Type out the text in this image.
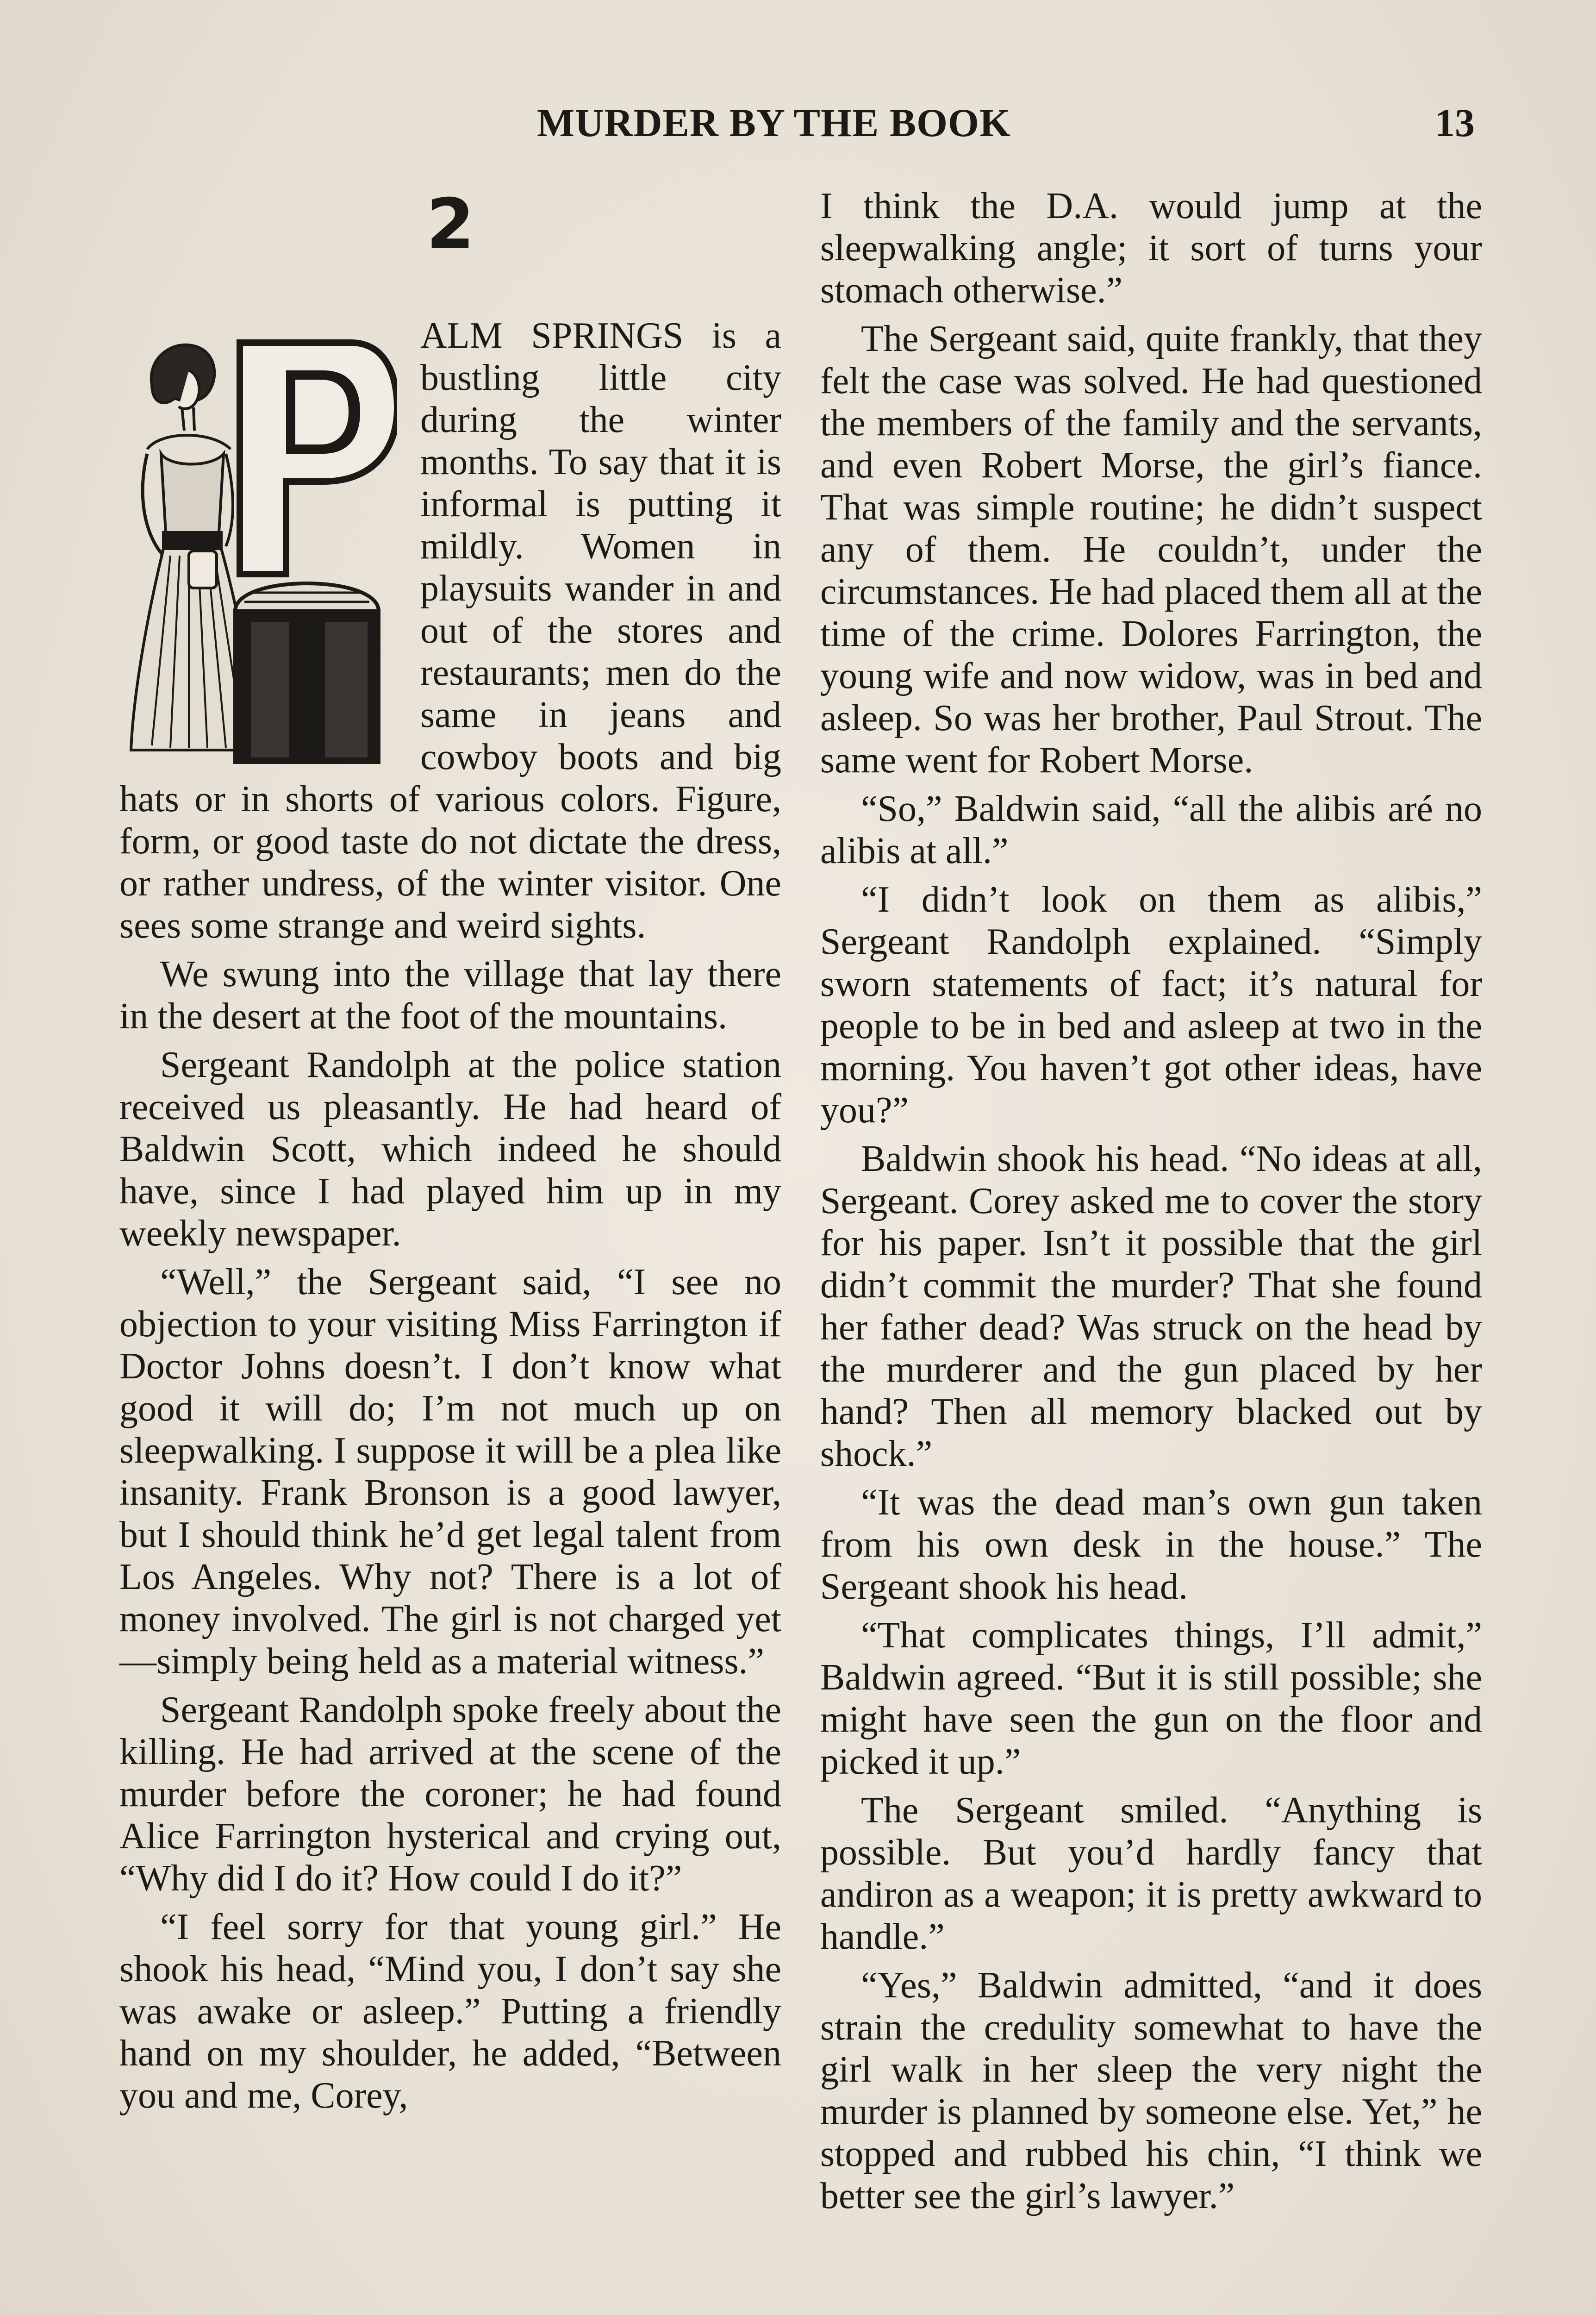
MURDER BY THE BOOK	13
2

ALM SPRINGS is a bustling little city during the winter months. To say that it is informal is putting it mildly. Women in playsuits wander in and out of the stores and restaurants; men do the same in jeans and cowboy boots and big hats or in shorts of various colors. Figure, form, or good taste do not dictate the dress, or rather undress, of the winter visitor. One sees some strange and weird sights.

We swung into the village that lay there in the desert at the foot of the mountains.

Sergeant Randolph at the police station received us pleasantly. He had heard of Baldwin Scott, which indeed he should have, since I had played him up in my weekly newspaper.

“Well,” the Sergeant said, “I see no objection to your visiting Miss Farrington if Doctor Johns doesn’t. I don’t know what good it will do; I’m not much up on sleepwalking. I suppose it will be a plea like insanity. Frank Bronson is a good lawyer, but I should think he’d get legal talent from Los Angeles. Why not? There is a lot of money involved. The girl is not charged yet—simply being held as a material witness.”

Sergeant Randolph spoke freely about the killing. He had arrived at the scene of the murder before the coroner; he had found Alice Farrington hysterical and crying out, “Why did I do it? How could I do it?”

“I feel sorry for that young girl.” He shook his head, “Mind you, I don’t say she was awake or asleep.” Putting a friendly hand on my shoulder, he added, “Between you and me, Corey,

I think the D.A. would jump at the sleepwalking angle; it sort of turns your stomach otherwise.”

The Sergeant said, quite frankly, that they felt the case was solved. He had questioned the members of the family and the servants, and even Robert Morse, the girl’s fiance. That was simple routine; he didn’t suspect any of them. He couldn’t, under the circumstances. He had placed them all at the time of the crime. Dolores Farrington, the young wife and now widow, was in bed and asleep. So was her brother, Paul Strout. The same went for Robert Morse.

“So,” Baldwin said, “all the alibis aré no alibis at all.”

“I didn’t look on them as alibis,” Sergeant Randolph explained. “Simply sworn statements of fact; it’s natural for people to be in bed and asleep at two in the morning. You haven’t got other ideas, have you?”

Baldwin shook his head. “No ideas at all, Sergeant. Corey asked me to cover the story for his paper. Isn’t it possible that the girl didn’t commit the murder? That she found her father dead? Was struck on the head by the murderer and the gun placed by her hand? Then all memory blacked out by shock.”

“It was the dead man’s own gun taken from his own desk in the house.” The Sergeant shook his head.

“That complicates things, I’ll admit,” Baldwin agreed. “But it is still possible; she might have seen the gun on the floor and picked it up.”

The Sergeant smiled. “Anything is possible. But you’d hardly fancy that andiron as a weapon; it is pretty awkward to handle.”

“Yes,” Baldwin admitted, “and it does strain the credulity somewhat to have the girl walk in her sleep the very night the murder is planned by someone else. Yet,” he stopped and rubbed his chin, “I think we better see the girl’s lawyer.”
